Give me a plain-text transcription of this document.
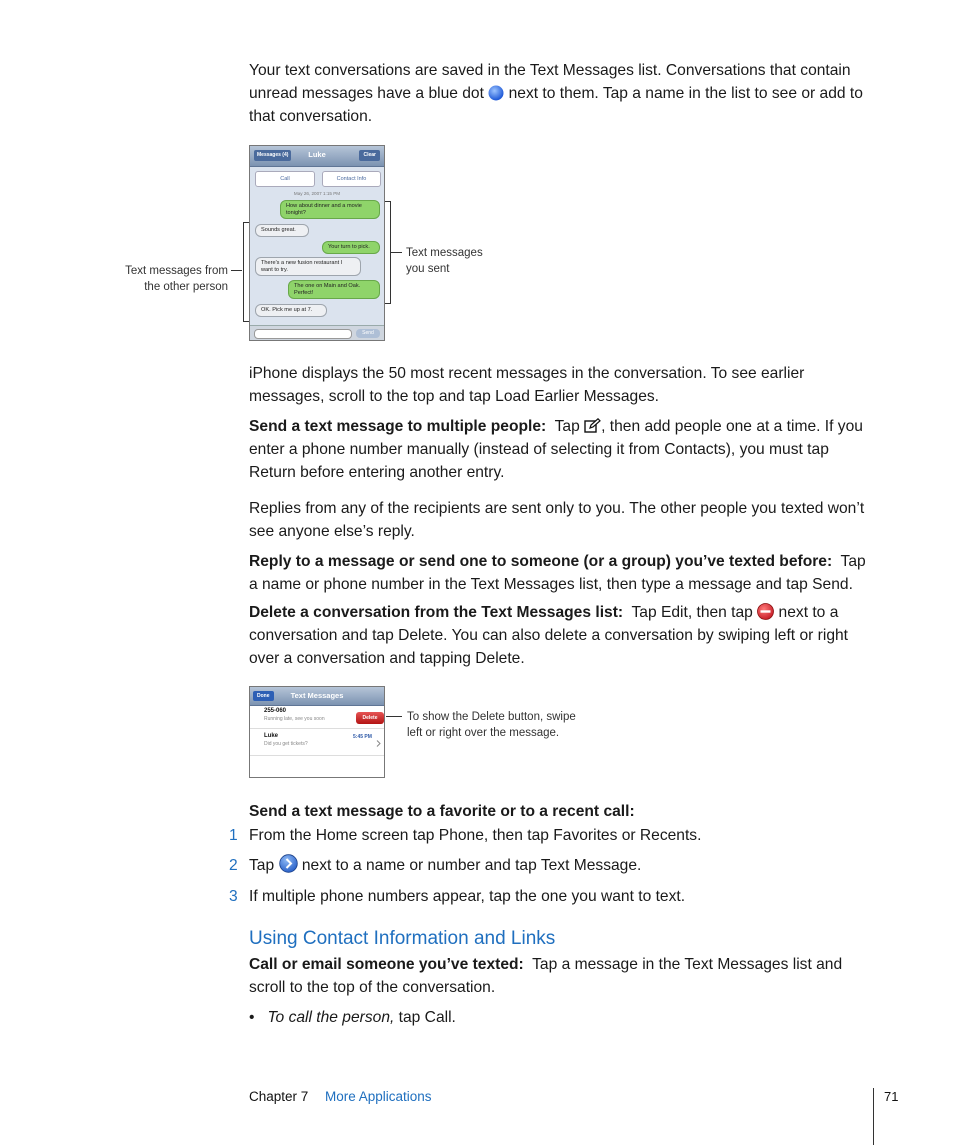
Your text conversations are saved in the Text Messages list. Conversations that contain unread messages have a blue dot next to them. Tap a name in the list to see or add to that conversation.

Messages (4)	Luke	Clear
Call	Contact Info
May 26, 2007 1:15 PM
How about dinner and a movie tonight?
Sounds great.
Your turn to pick.
There's a new fusion restaurant I want to try.
The one on Main and Oak. Perfect!
OK. Pick me up at 7.
Send
Text messages from
the other person
Text messages
you sent

iPhone displays the 50 most recent messages in the conversation. To see earlier messages, scroll to the top and tap Load Earlier Messages.

Send a text message to multiple people: Tap , then add people one at a time. If you enter a phone number manually (instead of selecting it from Contacts), you must tap Return before entering another entry.

Replies from any of the recipients are sent only to you. The other people you texted won’t see anyone else’s reply.

Reply to a message or send one to someone (or a group) you’ve texted before: Tap a name or phone number in the Text Messages list, then type a message and tap Send.

Delete a conversation from the Text Messages list: Tap Edit, then tap next to a conversation and tap Delete. You can also delete a conversation by swiping left or right over a conversation and tapping Delete.

Done	Text Messages
255-060
Running late, see you soon	Delete
Luke	5:45 PM
Did you get tickets?
To show the Delete button, swipe
left or right over the message.

Send a text message to a favorite or to a recent call:

1 From the Home screen tap Phone, then tap Favorites or Recents.

2 Tap next to a name or number and tap Text Message.

3 If multiple phone numbers appear, tap the one you want to text.

Using Contact Information and Links

Call or email someone you’ve texted: Tap a message in the Text Messages list and scroll to the top of the conversation.

• To call the person, tap Call.

Chapter 7 More Applications	71
